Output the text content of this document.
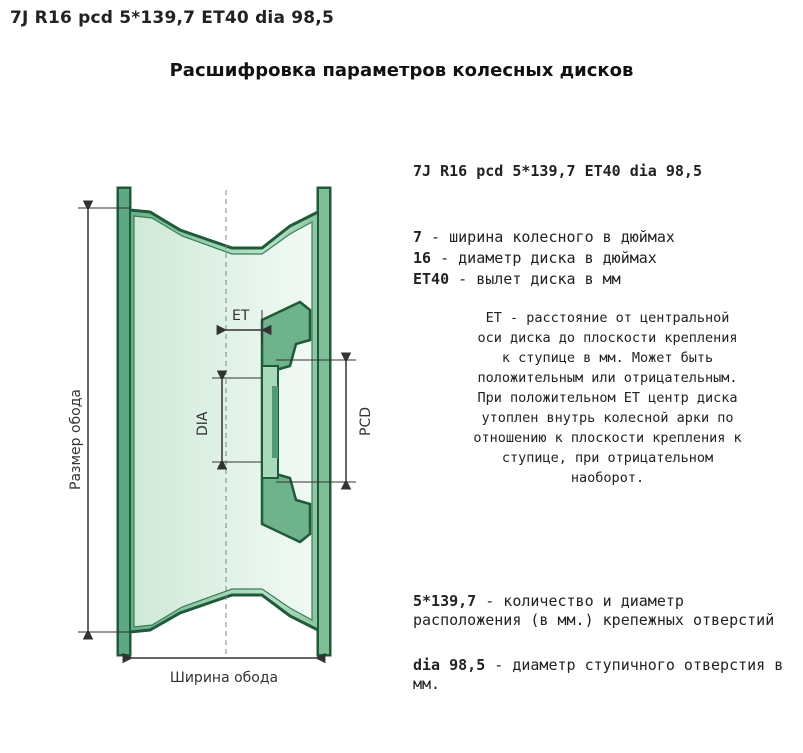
7J R16 pcd 5*139,7 ET40 dia 98,5
Расшифровка параметров колесных дисков
ET
DIA	PCD
Размер обода
Ширина обода
7J R16 pcd 5*139,7 ET40 dia 98,5
7 - ширина колесного в дюймах
16 - диаметр диска в дюймах
ET40 - вылет диска в мм
ET - расстояние от центральной оси диска до плоскости крепления к ступице в мм. Может быть положительным или отрицательным. При положительном ET центр диска утоплен внутрь колесной арки по отношению к плоскости крепления к ступице, при отрицательном наоборот.
5*139,7 - количество и диаметр расположения (в мм.) крепежных отверстий
dia 98,5 - диаметр ступичного отверстия в мм.
